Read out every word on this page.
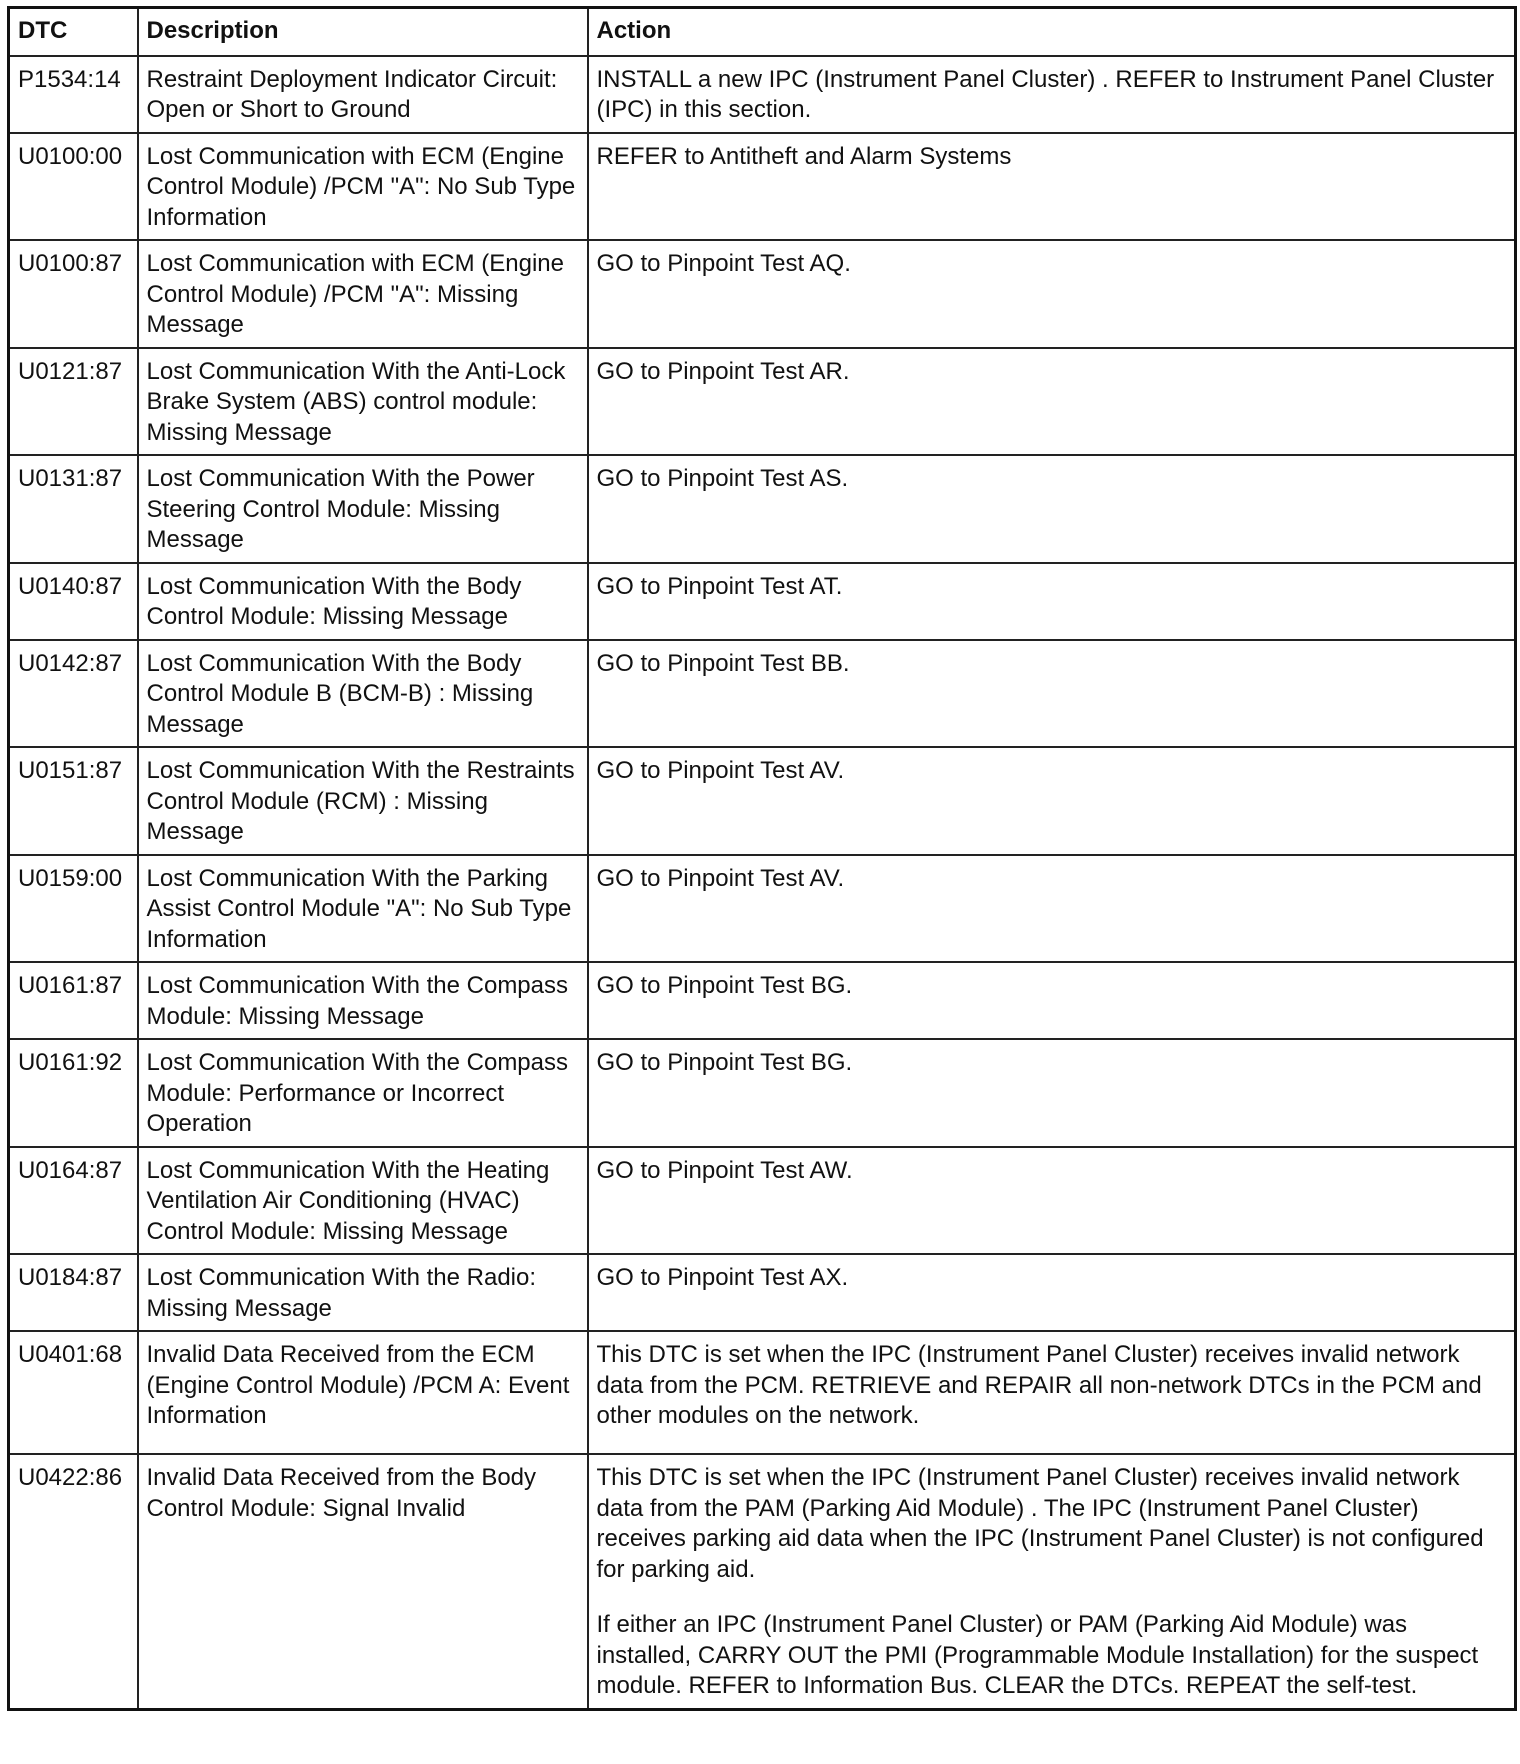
DTC	Description	Action
P1534:14	Restraint Deployment Indicator Circuit: Open or Short to Ground	INSTALL a new IPC (Instrument Panel Cluster) . REFER to Instrument Panel Cluster (IPC) in this section.

U0100:00	Lost Communication with ECM (Engine Control Module) /PCM "A": No Sub Type Information	REFER to Antitheft and Alarm Systems

U0100:87	Lost Communication with ECM (Engine Control Module) /PCM "A": Missing Message	GO to Pinpoint Test AQ.

U0121:87	Lost Communication With the Anti-Lock Brake System (ABS) control module: Missing Message	GO to Pinpoint Test AR.

U0131:87	Lost Communication With the Power Steering Control Module: Missing Message	GO to Pinpoint Test AS.

U0140:87	Lost Communication With the Body Control Module: Missing Message	GO to Pinpoint Test AT.

U0142:87	Lost Communication With the Body Control Module B (BCM-B) : Missing Message	GO to Pinpoint Test BB.

U0151:87	Lost Communication With the Restraints Control Module (RCM) : Missing Message	GO to Pinpoint Test AV.

U0159:00	Lost Communication With the Parking Assist Control Module "A": No Sub Type Information	GO to Pinpoint Test AV.

U0161:87	Lost Communication With the Compass Module: Missing Message	GO to Pinpoint Test BG.

U0161:92	Lost Communication With the Compass Module: Performance or Incorrect Operation	GO to Pinpoint Test BG.

U0164:87	Lost Communication With the Heating Ventilation Air Conditioning (HVAC) Control Module: Missing Message	GO to Pinpoint Test AW.

U0184:87	Lost Communication With the Radio: Missing Message	GO to Pinpoint Test AX.

U0401:68	Invalid Data Received from the ECM (Engine Control Module) /PCM A: Event Information	This DTC is set when the IPC (Instrument Panel Cluster) receives invalid network data from the PCM. RETRIEVE and REPAIR all non-network DTCs in the PCM and other modules on the network.

U0422:86	Invalid Data Received from the Body Control Module: Signal Invalid	This DTC is set when the IPC (Instrument Panel Cluster) receives invalid network data from the PAM (Parking Aid Module) . The IPC (Instrument Panel Cluster) receives parking aid data when the IPC (Instrument Panel Cluster) is not configured for parking aid.
If either an IPC (Instrument Panel Cluster) or PAM (Parking Aid Module) was installed, CARRY OUT the PMI (Programmable Module Installation) for the suspect module. REFER to Information Bus. CLEAR the DTCs. REPEAT the self-test.
